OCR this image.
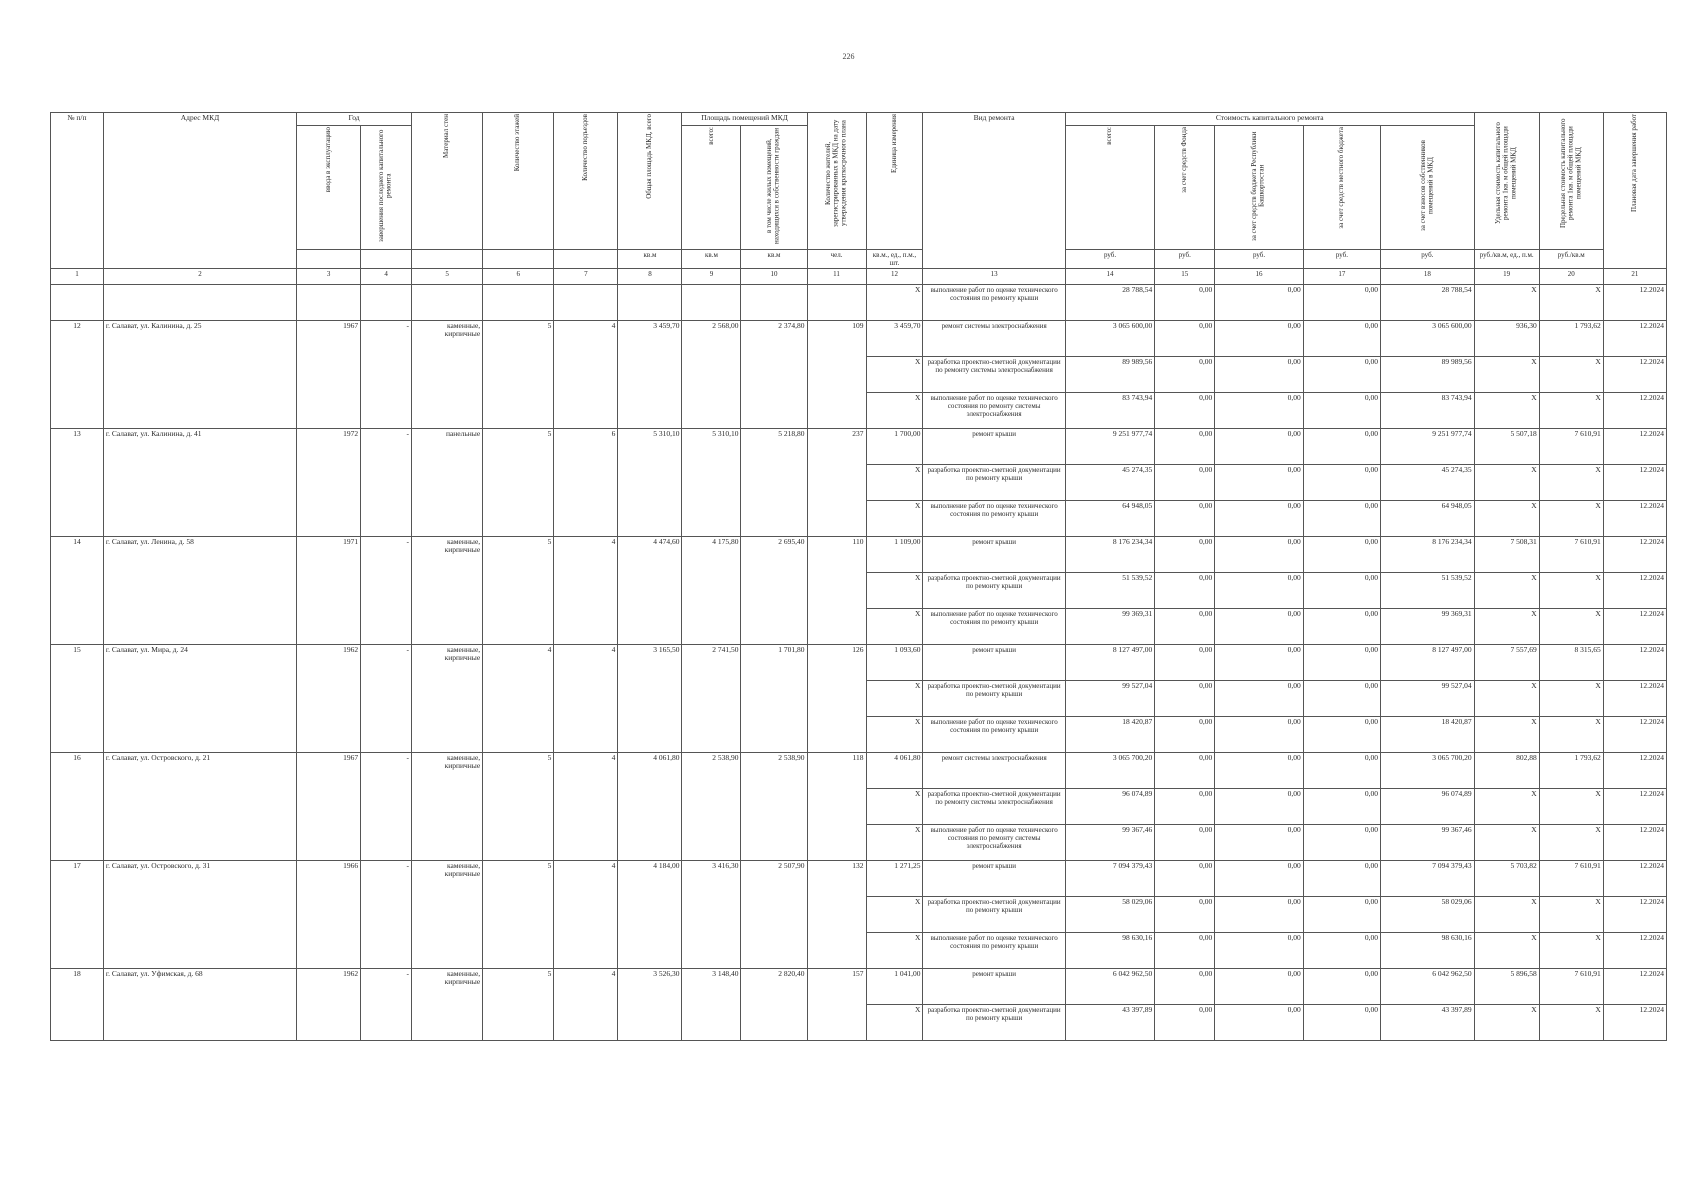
226
№ п/п	Адрес МКД	Год		Материал стен	Количество этажей	Количество подъездов	Общая площадь МКД, всего	Площадь помещений МКД		Количество жителей, зарегистрированных в МКД на дату утверждения краткосрочного плана	Единица измерения	Вид ремонта	Стоимость капитального ремонта					Удельная стоимость капитального ремонта 1кв. м общей площади помещений МКД	Предельная стоимость капитального ремонта 1кв. м общей площади помещений МКД	Плановая дата завершения работ
		ввода в эксплуатацию	завершения последнего капитального ремонта					всего:	в том числе жилых помещений, находящихся в собственности граждан				всего:	за счет средств Фонда	за счет средств бюджета Республики Башкортостан	за счет средств местного бюджета	за счет взносов собственников помещений в МКД			
							кв.м	кв.м	кв.м	чел.	кв.м., ед., п.м., шт.		руб.	руб.	руб.	руб.	руб.	руб./кв.м, ед., п.м.	руб./кв.м	
1	2	3	4	5	6	7	8	9	10	11	12	13	14	15	16	17	18	19	20	21
											X	выполнение работ по оценке технического состояния по ремонту крыши	28 788,54	0,00	0,00	0,00	28 788,54	X	X	12.2024
12	г. Салават, ул. Калинина, д. 25	1967	-	каменные, кирпичные	5	4	3 459,70	2 568,00	2 374,80	109	3 459,70	ремонт системы электроснабжения	3 065 600,00	0,00	0,00	0,00	3 065 600,00	936,30	1 793,62	12.2024
											X	разработка проектно-сметной документации по ремонту системы электроснабжения	89 989,56	0,00	0,00	0,00	89 989,56	X	X	12.2024
											X	выполнение работ по оценке технического состояния по ремонту системы электроснабжения	83 743,94	0,00	0,00	0,00	83 743,94	X	X	12.2024
13	г. Салават, ул. Калинина, д. 41	1972	-	панельные	5	6	5 310,10	5 310,10	5 218,80	237	1 700,00	ремонт крыши	9 251 977,74	0,00	0,00	0,00	9 251 977,74	5 507,18	7 610,91	12.2024
											X	разработка проектно-сметной документации по ремонту крыши	45 274,35	0,00	0,00	0,00	45 274,35	X	X	12.2024
											X	выполнение работ по оценке технического состояния по ремонту крыши	64 948,05	0,00	0,00	0,00	64 948,05	X	X	12.2024
14	г. Салават, ул. Ленина, д. 58	1971	-	каменные, кирпичные	5	4	4 474,60	4 175,80	2 695,40	110	1 109,00	ремонт крыши	8 176 234,34	0,00	0,00	0,00	8 176 234,34	7 508,31	7 610,91	12.2024
											X	разработка проектно-сметной документации по ремонту крыши	51 539,52	0,00	0,00	0,00	51 539,52	X	X	12.2024
											X	выполнение работ по оценке технического состояния по ремонту крыши	99 369,31	0,00	0,00	0,00	99 369,31	X	X	12.2024
15	г. Салават, ул. Мира, д. 24	1962	-	каменные, кирпичные	4	4	3 165,50	2 741,50	1 701,80	126	1 093,60	ремонт крыши	8 127 497,00	0,00	0,00	0,00	8 127 497,00	7 557,69	8 315,65	12.2024
											X	разработка проектно-сметной документации по ремонту крыши	99 527,04	0,00	0,00	0,00	99 527,04	X	X	12.2024
											X	выполнение работ по оценке технического состояния по ремонту крыши	18 420,87	0,00	0,00	0,00	18 420,87	X	X	12.2024
16	г. Салават, ул. Островского, д. 21	1967	-	каменные, кирпичные	5	4	4 061,80	2 538,90	2 538,90	118	4 061,80	ремонт системы электроснабжения	3 065 700,20	0,00	0,00	0,00	3 065 700,20	802,88	1 793,62	12.2024
											X	разработка проектно-сметной документации по ремонту системы электроснабжения	96 074,89	0,00	0,00	0,00	96 074,89	X	X	12.2024
											X	выполнение работ по оценке технического состояния по ремонту системы электроснабжения	99 367,46	0,00	0,00	0,00	99 367,46	X	X	12.2024
17	г. Салават, ул. Островского, д. 31	1966	-	каменные, кирпичные	5	4	4 184,00	3 416,30	2 507,90	132	1 271,25	ремонт крыши	7 094 379,43	0,00	0,00	0,00	7 094 379,43	5 703,82	7 610,91	12.2024
											X	разработка проектно-сметной документации по ремонту крыши	58 029,06	0,00	0,00	0,00	58 029,06	X	X	12.2024
											X	выполнение работ по оценке технического состояния по ремонту крыши	98 630,16	0,00	0,00	0,00	98 630,16	X	X	12.2024
18	г. Салават, ул. Уфимская, д. 68	1962	-	каменные, кирпичные	5	4	3 526,30	3 148,40	2 820,40	157	1 041,00	ремонт крыши	6 042 962,50	0,00	0,00	0,00	6 042 962,50	5 896,58	7 610,91	12.2024
											X	разработка проектно-сметной документации по ремонту крыши	43 397,89	0,00	0,00	0,00	43 397,89	X	X	12.2024
